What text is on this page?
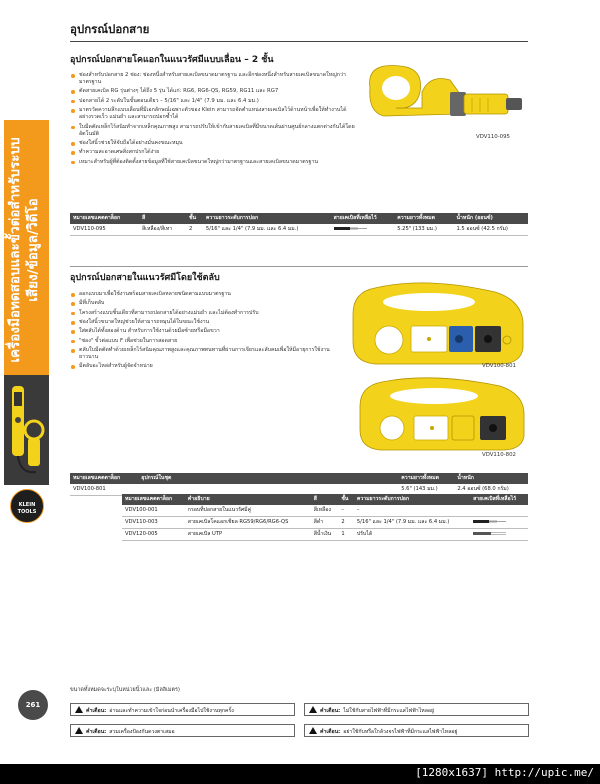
เครื่องมือทดสอบและขั้วต่อสำหรับระบบเสียง/ข้อมูล/วิดีโอ
KLEIN TOOLS
261
อุปกรณ์ปอกสาย
อุปกรณ์ปอกสายโคแอกในแนวรัศมีแบบเลื่อน – 2 ชั้น
ช่องสำหรับปอกสาย 2 ช่อง: ช่องหนึ่งสำหรับสายเคเบิลขนาดมาตรฐาน และอีกช่องหนึ่งสำหรับสายเคเบิลขนาดใหญ่กว่ามาตรฐาน
ตัดสายเคเบิล RG รุ่นต่างๆ ได้ถึง 5 รุ่น ได้แก่: RG6, RG6-QS, RG59, RG11 และ RG7
ปอกสายได้ 2 ระดับในขั้นตอนเดียว – 5/16" และ 1/4" (7.9 มม. และ 6.4 มม.)
มาตรวัดความลึกแบบเลื่อนที่มีเอกลักษณ์เฉพาะตัวของ Klein สามารถจัดตำแหน่งสายเคเบิลไว้ด้านหน้าเพื่อให้ทำงานได้อย่างรวดเร็ว แม่นยำ และสามารถปอกซ้ำได้
ใบมีดตัดเหล็กไร้สนิมทำจากเหล็กคุณภาพสูง สามารถปรับให้เข้ากับสายเคเบิลที่มีขนาดเส้นผ่านศูนย์กลางแตกต่างกันได้โดยอัตโนมัติ
ช่องใส่นิ้วช่วยให้จับถือได้อย่างมั่นคงขณะหมุน
ทำความสะอาดเศษสิ่งสกปรกได้ง่าย
เหมาะสำหรับผู้ที่ต้องติดตั้งสายข้อมูลที่ใช้สายเคเบิลขนาดใหญ่กว่ามาตรฐานและสายเคเบิลขนาดมาตรฐาน
VDV110-095
หมายเลขแคตตาล็อก	สี	ชั้น	ความยาวระดับการปอก	สายเคเบิลที่เหลือไว้	ความยาวทั้งหมด	น้ำหนัก (ออนซ์)
VDV110-095	สีเหลือง/สีเทา	2	5/16" และ 1/4" (7.9 มม. และ 6.4 มม.)		5.25" (133 มม.)	1.5 ออนซ์ (42.5 กรัม)
อุปกรณ์ปอกสายในแนวรัศมีโดยใช้ตลับ
ออกแบบมาเพื่อใช้งานพร้อมสายเคเบิลหลายชนิดตามแบบมาตรฐาน
มีที่เก็บตลับ
โครงสร้างแบบชิ้นเดียวที่สามารถปอกสายได้อย่างแม่นยำ และไม่ต้องทำการปรับ
ช่องใส่นิ้วขนาดใหญ่ช่วยให้สามารถหมุนได้ในขณะใช้งาน
ใส่ตลับได้ทั้งสองด้าน สำหรับการใช้งานด้วยมือซ้ายหรือมือขวา
"ช่อง" ขั้วต่อแบบ F เพื่อช่วยในการสอดสาย
ตลับใบมีดตัดทำด้วยเหล็กไร้สนิมคุณภาพสูงและคุณภาพทนทานที่ผ่านการเจียรและลับคมเพื่อให้มีอายุการใช้งานยาวนาน
มีตลับอะไหล่สำหรับผู้จัดจำหน่าย	VDV100-801
VDV110-802
หมายเลขแคตตาล็อก	อุปกรณ์ในชุด	ความยาวทั้งหมด	น้ำหนัก
VDV100-801		5.6" (143 มม.)	2.4 ออนซ์ (68.0 กรัม)
หมายเลขแคตตาล็อก	คำอธิบาย	สี	ชั้น	ความยาวระดับการปอก	สายเคเบิลที่เหลือไว้
VDV100-001	กรอบที่ปอกสายในแนวรัศมีคู่	สีเหลือง	–	–	
VDV110-003	สายเคเบิลโคแอกเชียล RG59/RG6/RG6-QS	สีดำ	2	5/16" และ 1/4" (7.9 มม. และ 6.4 มม.)	
VDV120-005	สายเคเบิล UTP	สีน้ำเงิน	1	ปรับได้	
ขนาดทั้งหมดจะระบุในหน่วยนิ้วและ (มิลลิเมตร)
คำเตือน: อ่านและทำความเข้าใจก่อนนำเครื่องมือไปใช้งานทุกครั้ง	คำเตือน: ไม่ใช้กับสายไฟฟ้าที่มีกระแสไฟฟ้าไหลอยู่
คำเตือน: สวมเครื่องป้องกันดวงตาเสมอ	คำเตือน: อย่าใช้กับหรือใกล้วงจรไฟฟ้าที่มีกระแสไฟฟ้าไหลอยู่
[1280x1637] http://upic.me/
